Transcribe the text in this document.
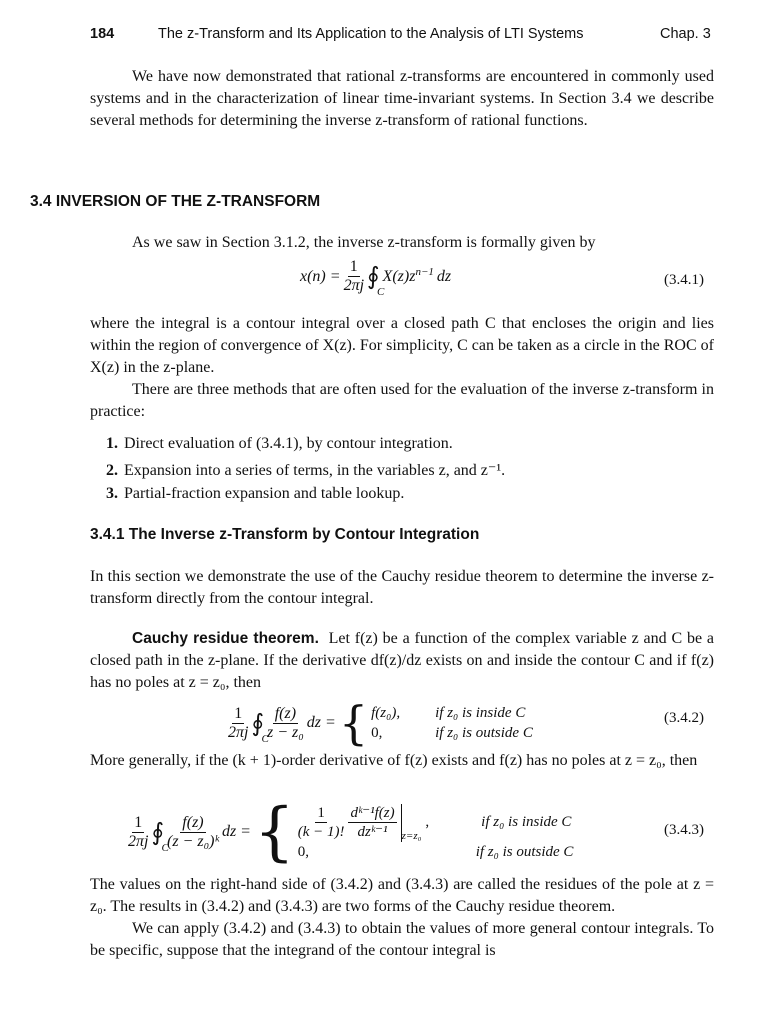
184	The z-Transform and Its Application to the Analysis of LTI Systems	Chap. 3

We have now demonstrated that rational z-transforms are encountered in commonly used systems and in the characterization of linear time-invariant systems. In Section 3.4 we describe several methods for determining the inverse z-transform of rational functions.

3.4 INVERSION OF THE Z-TRANSFORM

As we saw in Section 3.1.2, the inverse z-transform is formally given by

$x(n) = \frac{1}{2\pi j}$ ∮
C
$X(z)z^{n-1}$ dz	(3.4.1)

where the integral is a contour integral over a closed path C that encloses the origin and lies within the region of convergence of X(z). For simplicity, C can be taken as a circle in the ROC of X(z) in the z-plane.

There are three methods that are often used for the evaluation of the inverse z-transform in practice:

1. Direct evaluation of (3.4.1), by contour integration.
2. Expansion into a series of terms, in the variables z, and z⁻¹.
3. Partial-fraction expansion and table lookup.
3.4.1 The Inverse z-Transform by Contour Integration

In this section we demonstrate the use of the Cauchy residue theorem to determine the inverse z-transform directly from the contour integral.

Cauchy residue theorem. Let f(z) be a function of the complex variable z and C be a closed path in the z-plane. If the derivative df(z)/dz exists on and inside the contour C and if f(z) has no poles at z = z₀, then

$\frac{1}{2\pi j}$ ∮
C
$\frac{f(z)}{\text{z − z₀}}$ dz = { f(z₀),	if z₀ is inside C
0,	if z₀ is outside C
(3.4.2)

More generally, if the (k + 1)-order derivative of f(z) exists and f(z) has no poles at z = z₀, then

$\frac{1}{2\pi j}$ ∮
C
$\frac{f(z)}{\text{(z − z₀)ᵏ}}$ dz = { $\frac{1}{(k - 1)!} \frac{\text{dᵏ⁻¹f(z)}}{\text{dzᵏ⁻¹}} z=z_0$
,	if z₀ is inside C
0,	if z₀ is outside C
(3.4.3)

The values on the right-hand side of (3.4.2) and (3.4.3) are called the residues of the pole at z = z₀. The results in (3.4.2) and (3.4.3) are two forms of the Cauchy residue theorem.

We can apply (3.4.2) and (3.4.3) to obtain the values of more general contour integrals. To be specific, suppose that the integrand of the contour integral is
